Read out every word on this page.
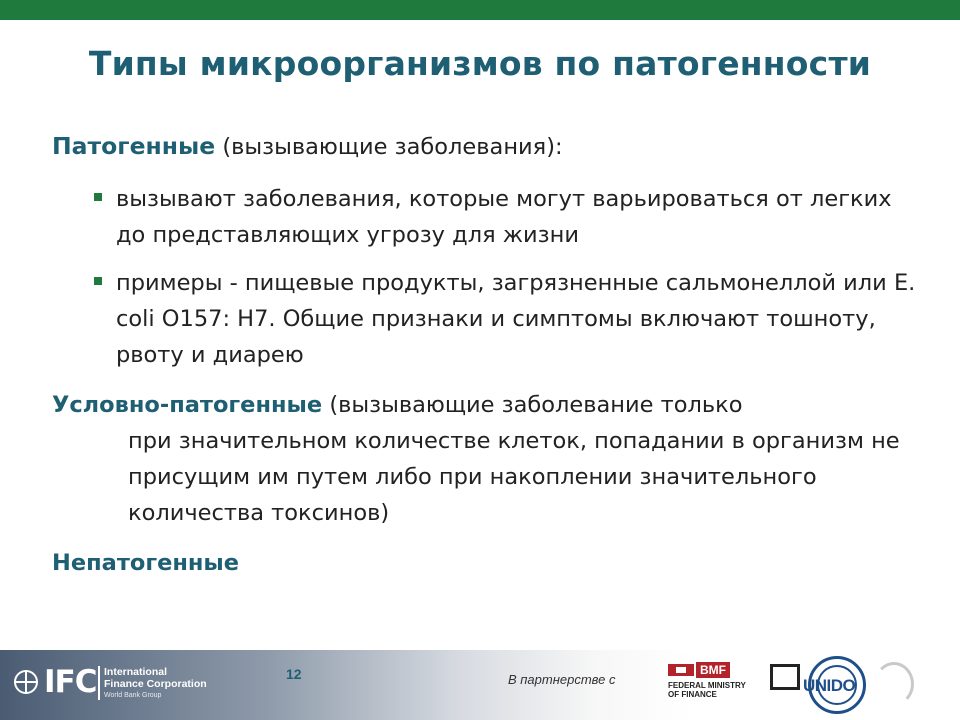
Типы микроорганизмов по патогенности
Патогенные (вызывающие заболевания):
вызывают заболевания, которые могут варьироваться от легких до представляющих угрозу для жизни
примеры - пищевые продукты, загрязненные сальмонеллой или E. coli O157: H7. Общие признаки и симптомы включают тошноту, рвоту и диарею
Условно-патогенные (вызывающие заболевание только
при значительном количестве клеток, попадании в организм не присущим им путем либо при накоплении значительного количества токсинов)
Непатогенные
IFC International
Finance Corporation
World Bank Group
12	В партнерстве с
BMF
FEDERAL MINISTRY
OF FINANCE	UNIDO
